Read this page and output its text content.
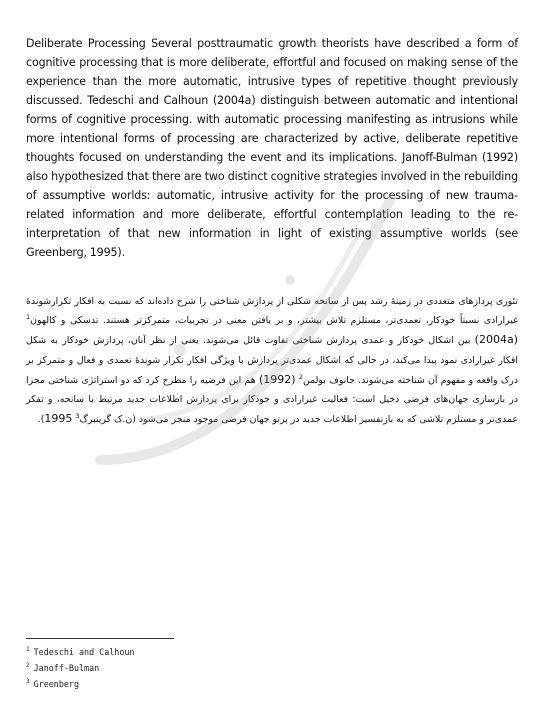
Deliberate Processing Several posttraumatic growth theorists have described a form of cognitive processing that is more deliberate, effortful and focused on making sense of the experience than the more automatic, intrusive types of repetitive thought previously discussed. Tedeschi and Calhoun (2004a) distinguish between automatic and intentional forms of cognitive processing. with automatic processing manifesting as intrusions while more intentional forms of processing are characterized by active, deliberate repetitive thoughts focused on understanding the event and its implications. Janoff-Bulman (1992) also hypothesized that there are two distinct cognitive strategies involved in the rebuilding of assumptive worlds: automatic, intrusive activity for the processing of new trauma-related information and more deliberate, effortful contemplation leading to the re-interpretation of that new information in light of existing assumptive worlds (see Greenberg, 1995).

تئوری پردازهای متعددی در زمینهٔ رشد پس از سانحه شکلی از پردازش شناختی را شرح داده‌اند که نسبت به افکار تکرارشوندهٔ غیرارادی نسبتاً خودکار، تعمدی‌تر، مستلزم تلاش بیشتر، و بر یافتن معنی در تجربیات، متمرکزتر هستند. تدسکی و کالهون$^1$ (2004a) بین اشکال خودکار و عمدی پردازش شناختی تفاوت قائل می‌شوند. یعنی از نظر آنان، پردازش خودکار به شکل افکار غیرارادی نمود پیدا می‌کند، در حالی که اشکال عمدی‌تر پردازش با ویژگی افکار تکرار شوندهٔ تعمدی و فعال و متمرکز بر درک واقعه و مفهوم آن شناخته می‌شوند. جانوف بولمن$^2$ (1992) هم این فرضیه را مطرح کرد که دو استراتژی شناختی مجزا در بازسازی جهان‌های فرضی دخیل است: فعالیت غیرارادی و خودکار برای پردازش اطلاعات جدید مرتبط با سانحه، و تفکر عمدی‌تر و مستلزم تلاشی که به بازتفسیر اطلاعات جدید در پرتو جهان فرضی موجود منجر می‌شود (ن.ک گرینبرگ$^3$ 1995).

$^1$ Tedeschi and Calhoun
$^2$ Janoff-Bulman
$^3$ Greenberg
